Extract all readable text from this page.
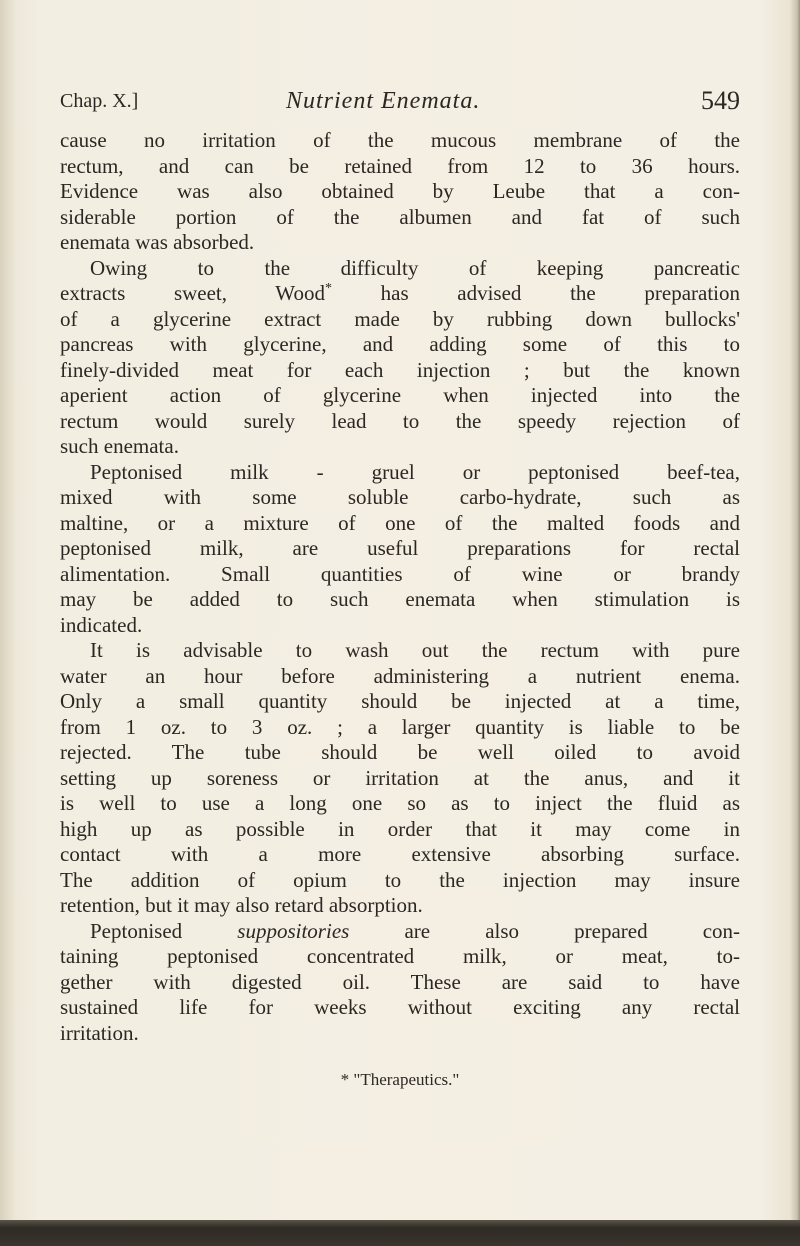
Chap. X.]	Nutrient Enemata.	549
cause no irritation of the mucous membrane of the
rectum, and can be retained from 12 to 36 hours.
Evidence was also obtained by Leube that a con-
siderable portion of the albumen and fat of such
enemata was absorbed.
Owing to the difficulty of keeping pancreatic
extracts sweet, Wood* has advised the preparation
of a glycerine extract made by rubbing down bullocks'
pancreas with glycerine, and adding some of this to
finely-divided meat for each injection ; but the known
aperient action of glycerine when injected into the
rectum would surely lead to the speedy rejection of
such enemata.
Peptonised milk - gruel or peptonised beef-tea,
mixed with some soluble carbo-hydrate, such as
maltine, or a mixture of one of the malted foods and
peptonised milk, are useful preparations for rectal
alimentation. Small quantities of wine or brandy
may be added to such enemata when stimulation is
indicated.
It is advisable to wash out the rectum with pure
water an hour before administering a nutrient enema.
Only a small quantity should be injected at a time,
from 1 oz. to 3 oz. ; a larger quantity is liable to be
rejected. The tube should be well oiled to avoid
setting up soreness or irritation at the anus, and it
is well to use a long one so as to inject the fluid as
high up as possible in order that it may come in
contact with a more extensive absorbing surface.
The addition of opium to the injection may insure
retention, but it may also retard absorption.
Peptonised	suppositories	are also prepared con-
taining peptonised concentrated milk, or meat, to-
gether with digested oil. These are said to have
sustained life for weeks without exciting any rectal
irritation.
* "Therapeutics."
